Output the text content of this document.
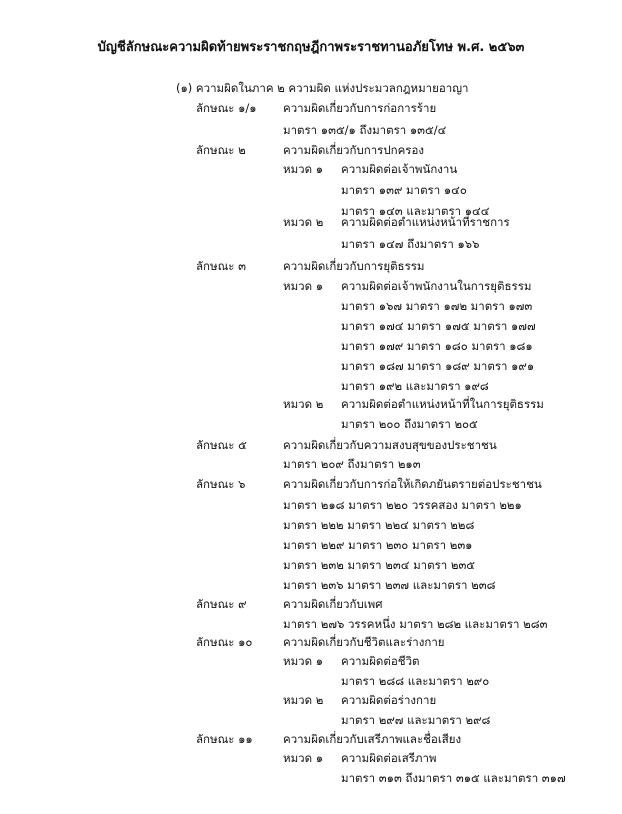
บัญชีลักษณะความผิดท้ายพระราชกฤษฎีกาพระราชทานอภัยโทษ พ.ศ. ๒๕๖๓
(๑) ความผิดในภาค ๒ ความผิด แห่งประมวลกฎหมายอาญา
ลักษณะ ๑/๑ ความผิดเกี่ยวกับการก่อการร้าย
มาตรา ๑๓๕/๑ ถึงมาตรา ๑๓๕/๔
ลักษณะ ๒	ความผิดเกี่ยวกับการปกครอง
หมวด ๑ ความผิดต่อเจ้าพนักงาน
มาตรา ๑๓๙ มาตรา ๑๔๐
มาตรา ๑๔๓ และมาตรา ๑๔๔
หมวด ๒ ความผิดต่อตำแหน่งหน้าที่ราชการ
มาตรา ๑๔๗ ถึงมาตรา ๑๖๖
ลักษณะ ๓	ความผิดเกี่ยวกับการยุติธรรม
หมวด ๑ ความผิดต่อเจ้าพนักงานในการยุติธรรม
มาตรา ๑๖๗ มาตรา ๑๗๒ มาตรา ๑๗๓
มาตรา ๑๗๔ มาตรา ๑๗๕ มาตรา ๑๗๗
มาตรา ๑๗๙ มาตรา ๑๘๐ มาตรา ๑๘๑
มาตรา ๑๘๗ มาตรา ๑๘๙ มาตรา ๑๙๑
มาตรา ๑๙๒ และมาตรา ๑๙๘
หมวด ๒ ความผิดต่อตำแหน่งหน้าที่ในการยุติธรรม
มาตรา ๒๐๐ ถึงมาตรา ๒๐๕
ลักษณะ ๕	ความผิดเกี่ยวกับความสงบสุขของประชาชน
มาตรา ๒๐๙ ถึงมาตรา ๒๑๓
ลักษณะ ๖	ความผิดเกี่ยวกับการก่อให้เกิดภยันตรายต่อประชาชน
มาตรา ๒๑๘ มาตรา ๒๒๐ วรรคสอง มาตรา ๒๒๑
มาตรา ๒๒๒ มาตรา ๒๒๔ มาตรา ๒๒๘
มาตรา ๒๒๙ มาตรา ๒๓๐ มาตรา ๒๓๑
มาตรา ๒๓๒ มาตรา ๒๓๔ มาตรา ๒๓๕
มาตรา ๒๓๖ มาตรา ๒๓๗ และมาตรา ๒๓๘
ลักษณะ ๙	ความผิดเกี่ยวกับเพศ
มาตรา ๒๗๖ วรรคหนึ่ง มาตรา ๒๘๒ และมาตรา ๒๘๓
ลักษณะ ๑๐	ความผิดเกี่ยวกับชีวิตและร่างกาย
หมวด ๑ ความผิดต่อชีวิต
มาตรา ๒๘๘ และมาตรา ๒๙๐
หมวด ๒ ความผิดต่อร่างกาย
มาตรา ๒๙๗ และมาตรา ๒๙๘
ลักษณะ ๑๑	ความผิดเกี่ยวกับเสรีภาพและชื่อเสียง
หมวด ๑ ความผิดต่อเสรีภาพ
มาตรา ๓๑๓ ถึงมาตรา ๓๑๕ และมาตรา ๓๑๗
